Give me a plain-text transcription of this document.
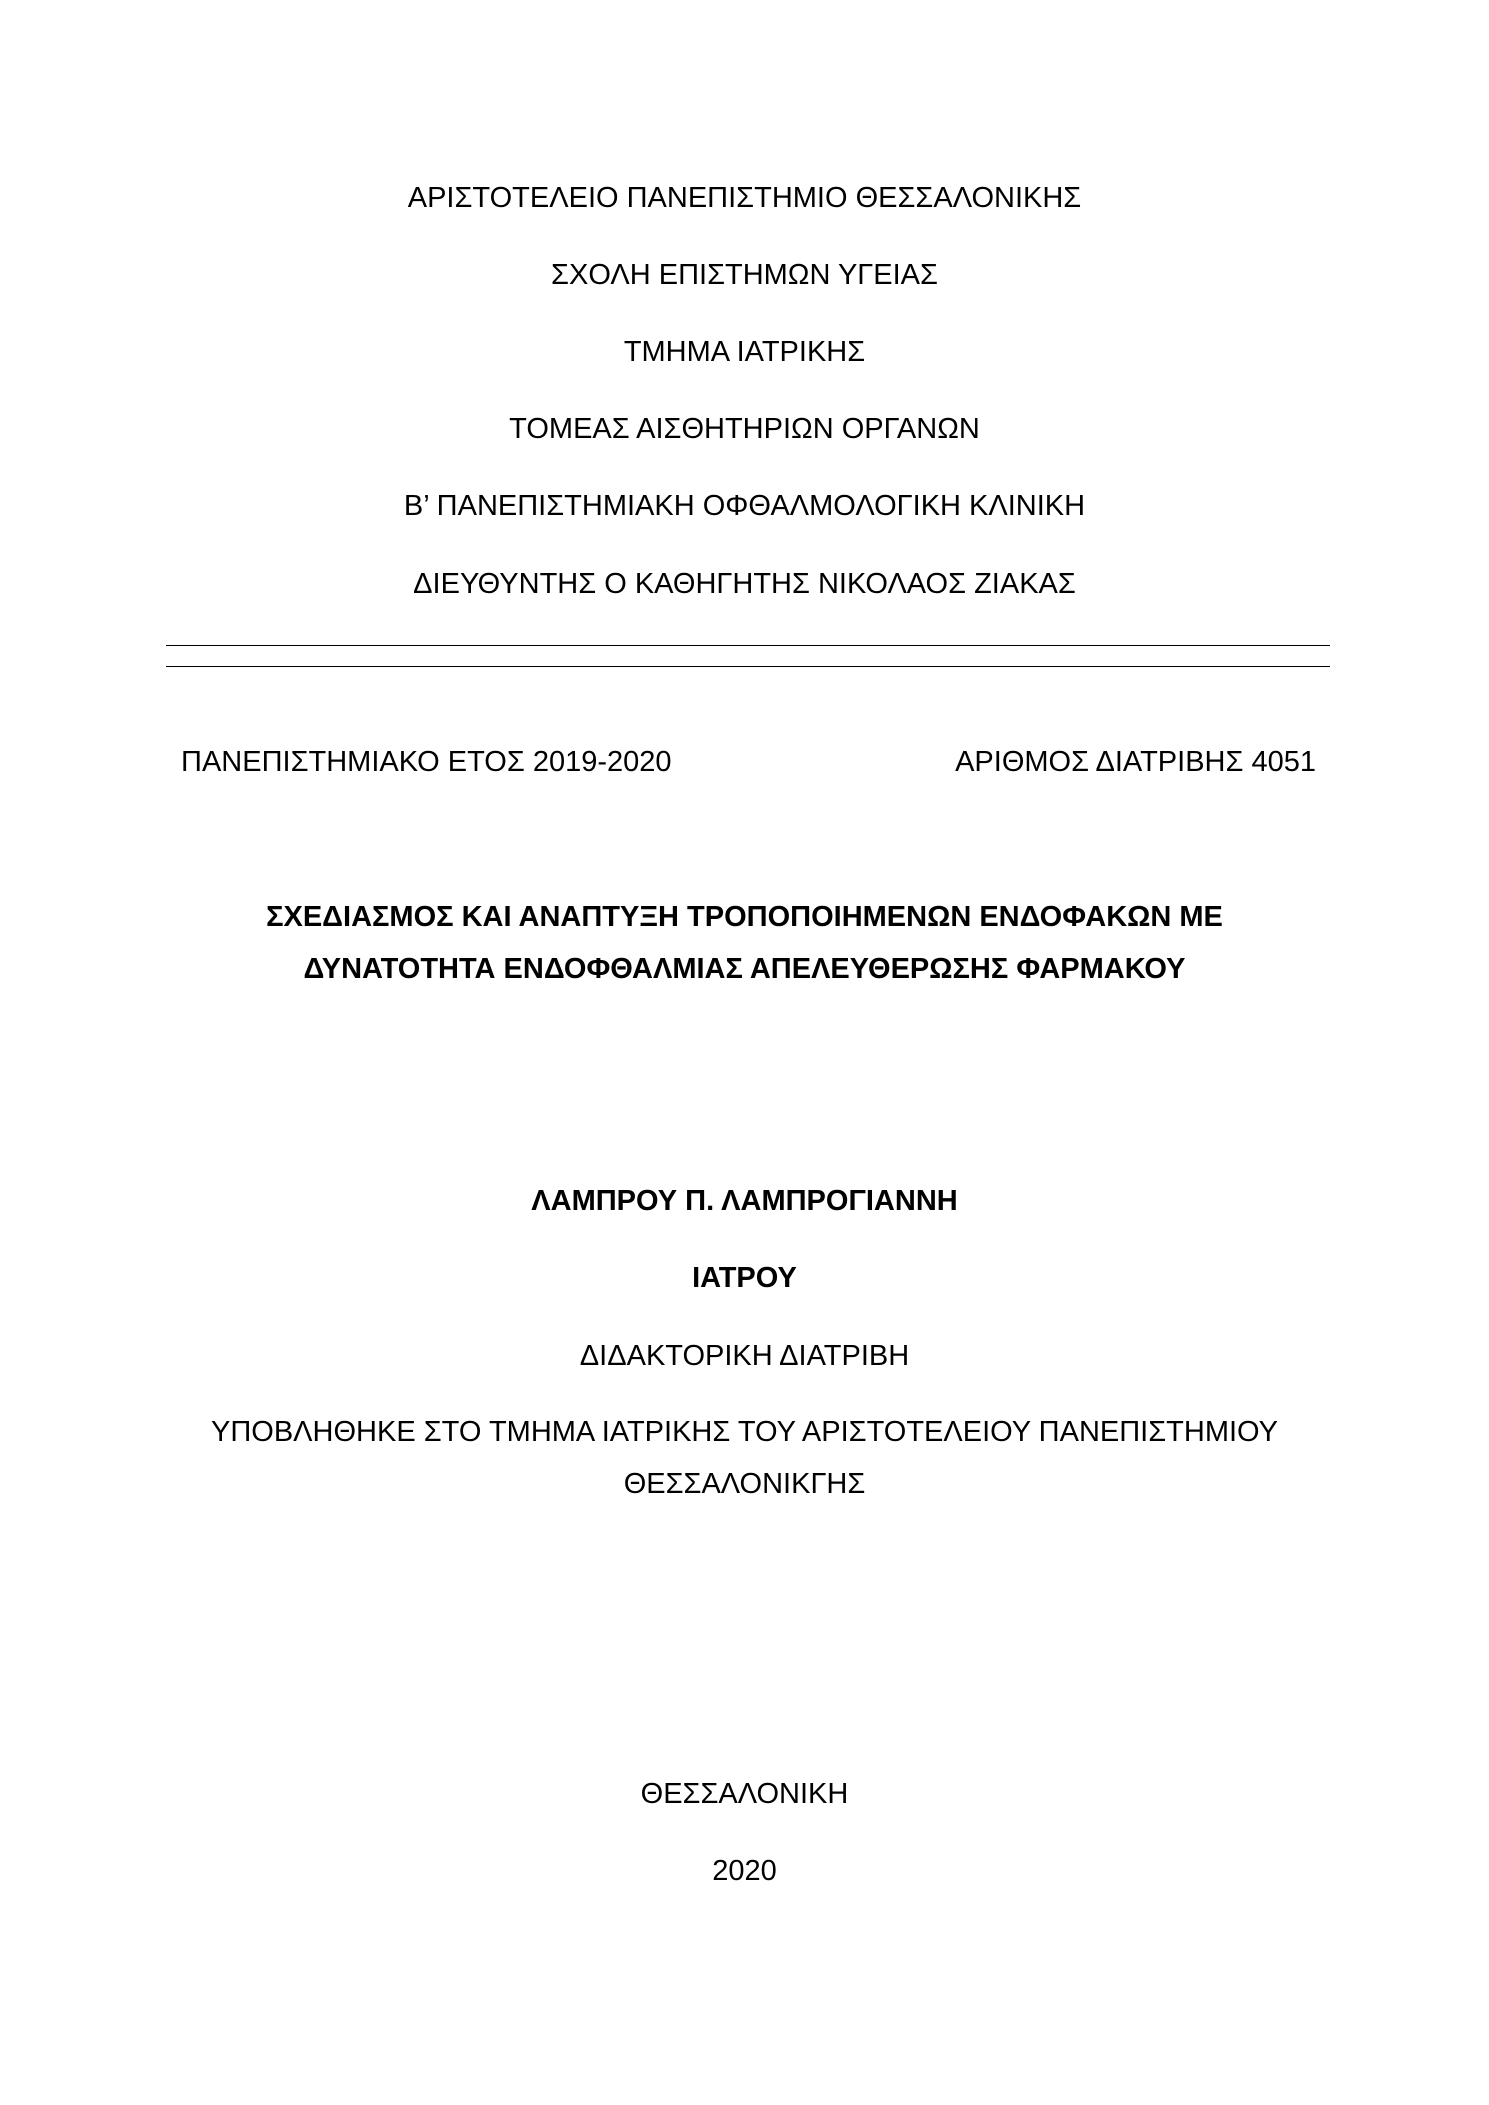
ΑΡΙΣΤΟΤΕΛΕΙΟ ΠΑΝΕΠΙΣΤΗΜΙΟ ΘΕΣΣΑΛΟΝΙΚΗΣ
ΣΧΟΛΗ ΕΠΙΣΤΗΜΩΝ ΥΓΕΙΑΣ
ΤΜΗΜΑ ΙΑΤΡΙΚΗΣ
ΤΟΜΕΑΣ ΑΙΣΘΗΤΗΡΙΩΝ ΟΡΓΑΝΩΝ
Β’ ΠΑΝΕΠΙΣΤΗΜΙΑΚΗ ΟΦΘΑΛΜΟΛΟΓΙΚΗ ΚΛΙΝΙΚΗ
ΔΙΕΥΘΥΝΤΗΣ Ο ΚΑΘΗΓΗΤΗΣ ΝΙΚΟΛΑΟΣ ΖΙΑΚΑΣ
ΠΑΝΕΠΙΣΤΗΜΙΑΚΟ ΕΤΟΣ 2019-2020	ΑΡΙΘΜΟΣ ΔΙΑΤΡΙΒΗΣ 4051
ΣΧΕΔΙΑΣΜΟΣ ΚΑΙ ΑΝΑΠΤΥΞΗ ΤΡΟΠΟΠΟΙΗΜΕΝΩΝ ΕΝΔΟΦΑΚΩΝ ΜΕ
ΔΥΝΑΤΟΤΗΤΑ ΕΝΔΟΦΘΑΛΜΙΑΣ ΑΠΕΛΕΥΘΕΡΩΣΗΣ ΦΑΡΜΑΚΟΥ
ΛΑΜΠΡΟΥ Π. ΛΑΜΠΡΟΓΙΑΝΝΗ
ΙΑΤΡΟΥ
ΔΙΔΑΚΤΟΡΙΚΗ ΔΙΑΤΡΙΒΗ
ΥΠΟΒΛΗΘΗΚΕ ΣΤΟ ΤΜΗΜΑ ΙΑΤΡΙΚΗΣ ΤΟΥ ΑΡΙΣΤΟΤΕΛΕΙΟΥ ΠΑΝΕΠΙΣΤΗΜΙΟΥ
ΘΕΣΣΑΛΟΝΙΚΓΗΣ
ΘΕΣΣΑΛΟΝΙΚΗ
2020
